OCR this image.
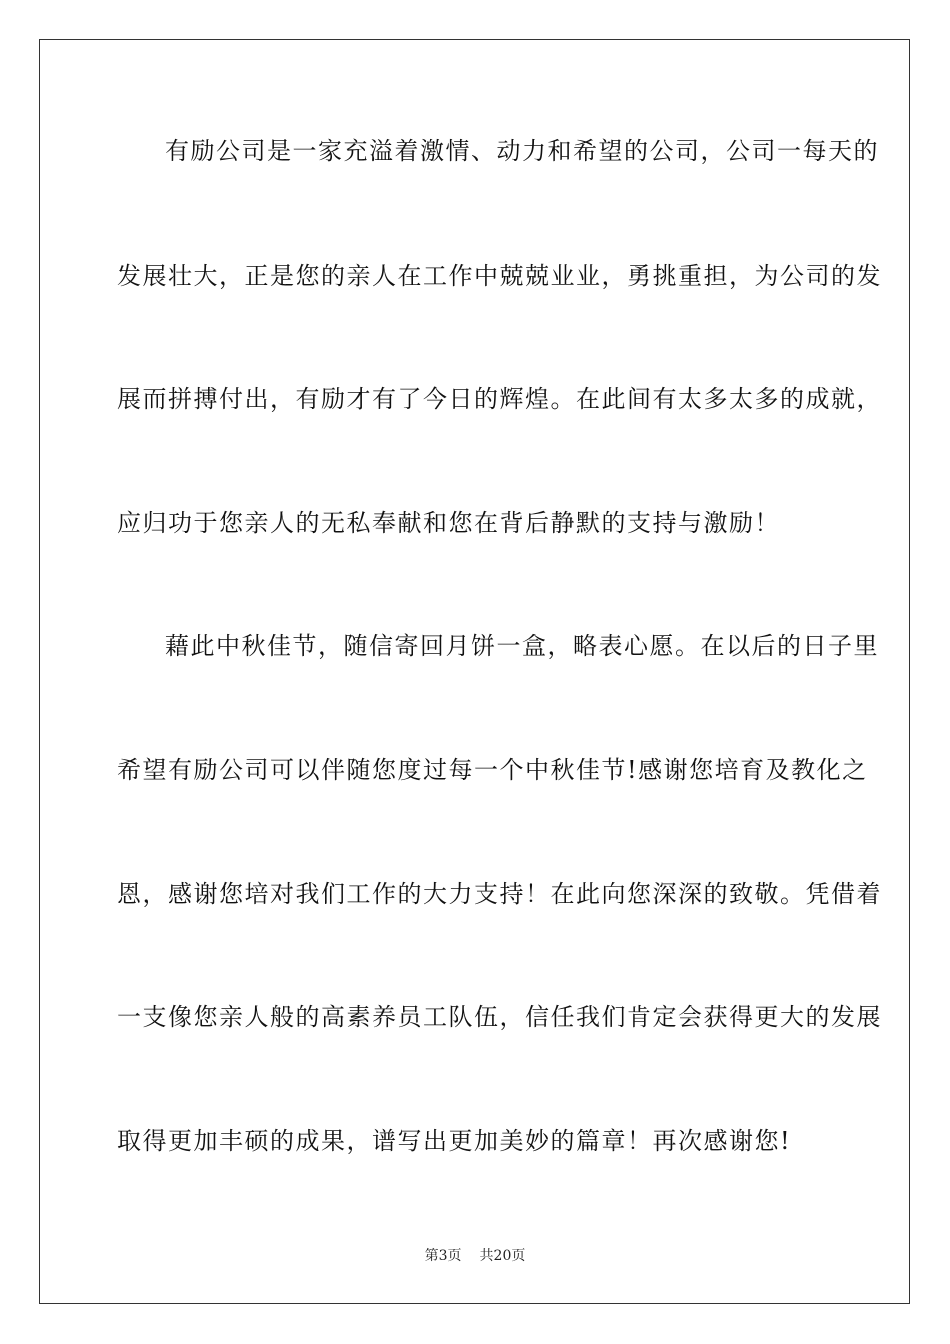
有励公司是一家充溢着激情、动力和希望的公司，公司一每天的
发展壮大，正是您的亲人在工作中兢兢业业，勇挑重担，为公司的发
展而拼搏付出，有励才有了今日的辉煌。在此间有太多太多的成就，
应归功于您亲人的无私奉献和您在背后静默的支持与激励！
藉此中秋佳节，随信寄回月饼一盒，略表心愿。在以后的日子里
希望有励公司可以伴随您度过每一个中秋佳节!感谢您培育及教化之
恩，感谢您培对我们工作的大力支持！在此向您深深的致敬。凭借着
一支像您亲人般的高素养员工队伍，信任我们肯定会获得更大的发展
取得更加丰硕的成果，谱写出更加美妙的篇章！再次感谢您!
第3页 共20页
